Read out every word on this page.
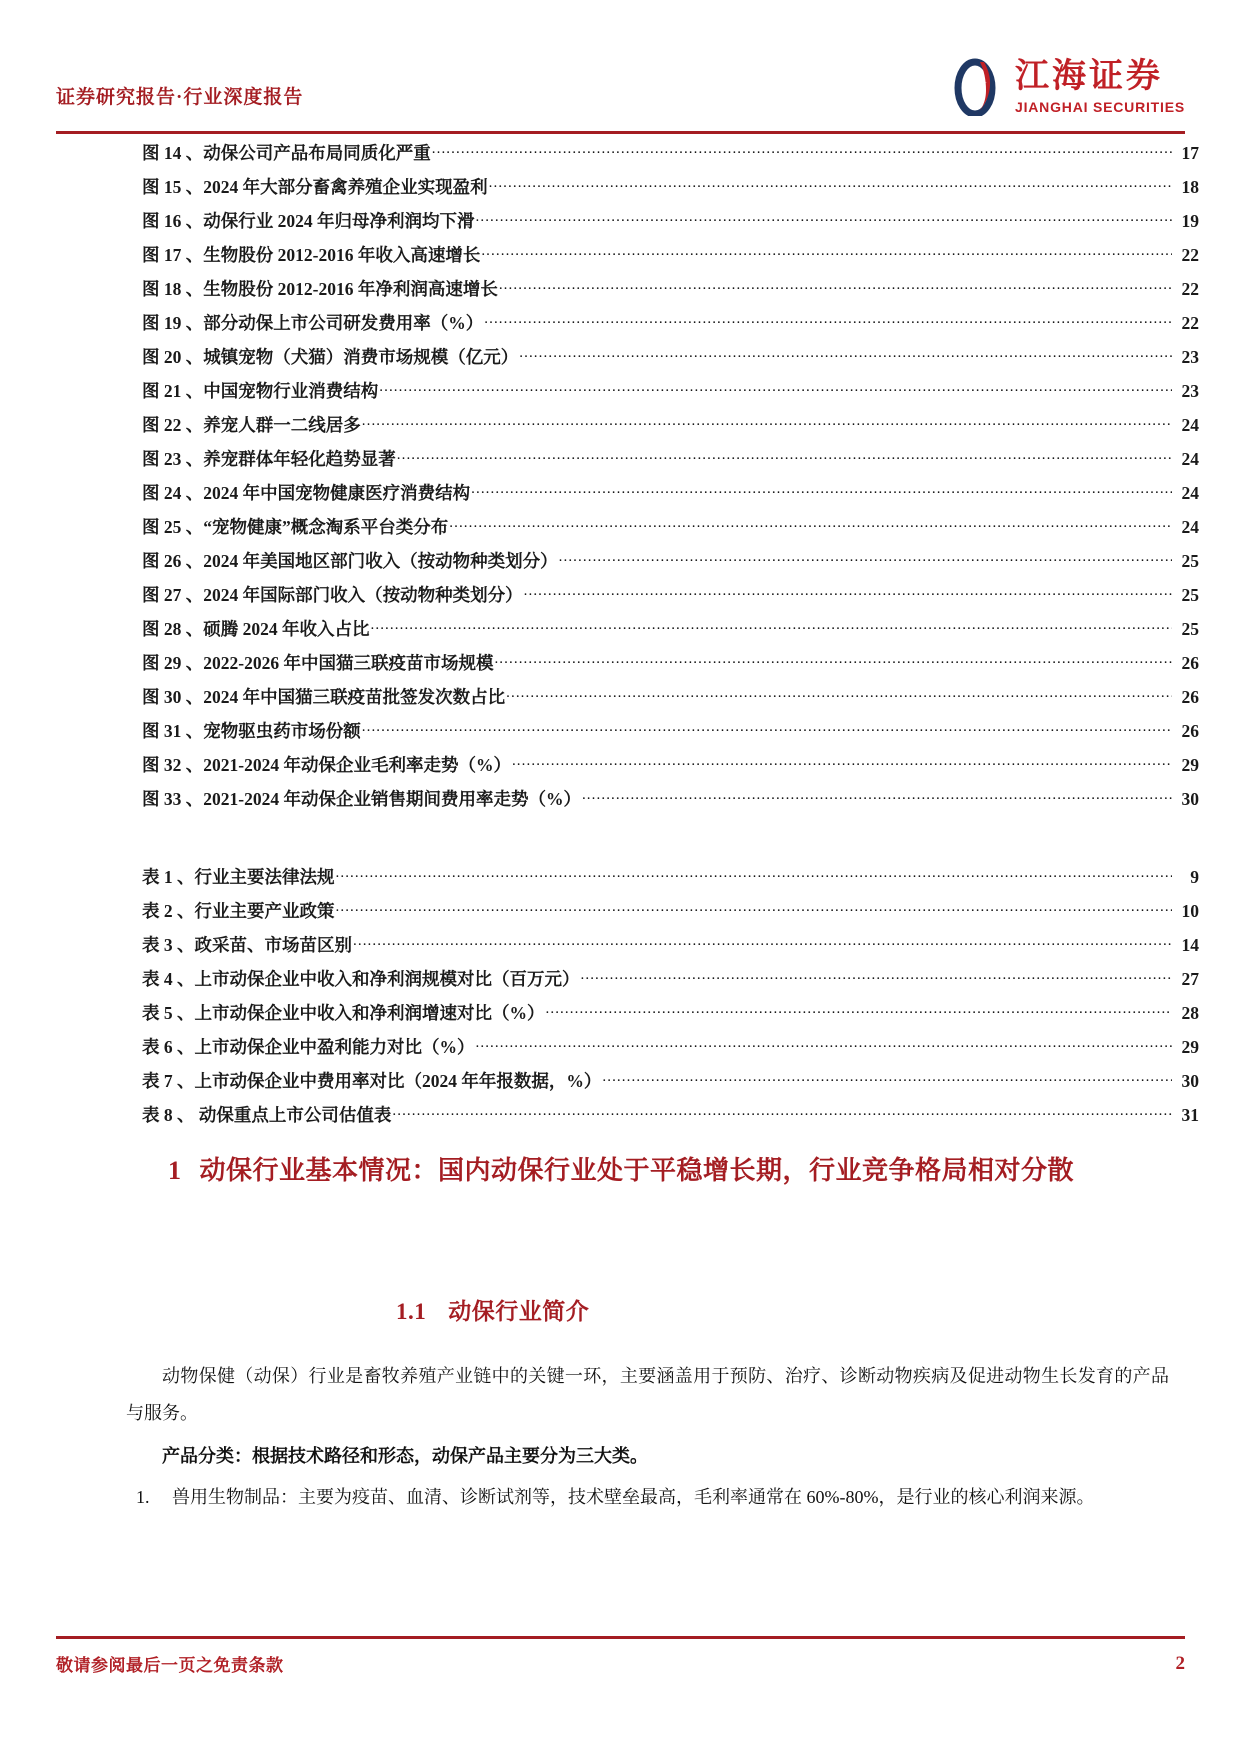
证券研究报告·行业深度报告
江海证券
JIANGHAI SECURITIES
图 14 、动保公司产品布局同质化严重 .....	17
图 15 、2024 年大部分畜禽养殖企业实现盈利 .....	18
图 16 、动保行业 2024 年归母净利润均下滑 .....	19
图 17 、生物股份 2012-2016 年收入高速增长 .....	22
图 18 、生物股份 2012-2016 年净利润高速增长 .....	22
图 19 、部分动保上市公司研发费用率（%） .....	22
图 20 、城镇宠物（犬猫）消费市场规模（亿元） .....	23
图 21 、中国宠物行业消费结构 .....	23
图 22 、养宠人群一二线居多 .....	24
图 23 、养宠群体年轻化趋势显著 .....	24
图 24 、2024 年中国宠物健康医疗消费结构 .....	24
图 25 、“宠物健康”概念淘系平台类分布 .....	24
图 26 、2024 年美国地区部门收入（按动物种类划分） .....	25
图 27 、2024 年国际部门收入（按动物种类划分） .....	25
图 28 、硕腾 2024 年收入占比 .....	25
图 29 、2022-2026 年中国猫三联疫苗市场规模 .....	26
图 30 、2024 年中国猫三联疫苗批签发次数占比 .....	26
图 31 、宠物驱虫药市场份额 .....	26
图 32 、2021-2024 年动保企业毛利率走势（%） .....	29
图 33 、2021-2024 年动保企业销售期间费用率走势（%） .....	30
表 1 、行业主要法律法规 .....	9
表 2 、行业主要产业政策 .....	10
表 3 、政采苗、市场苗区别 .....	14
表 4 、上市动保企业中收入和净利润规模对比（百万元） .....	27
表 5 、上市动保企业中收入和净利润增速对比（%） .....	28
表 6 、上市动保企业中盈利能力对比（%） .....	29
表 7 、上市动保企业中费用率对比（2024 年年报数据，%） .....	30
表 8 、 动保重点上市公司估值表 .....	31
1 动保行业基本情况：国内动保行业处于平稳增长期，行业竞争格局相对分散
1.1 动保行业简介

动物保健（动保）行业是畜牧养殖产业链中的关键一环，主要涵盖用于预防、治疗、诊断动物疾病及促进动物生长发育的产品与服务。

产品分类：根据技术路径和形态，动保产品主要分为三大类。

1.	兽用生物制品：主要为疫苗、血清、诊断试剂等，技术壁垒最高，毛利率通常在 60%-80%，是行业的核心利润来源。
敬请参阅最后一页之免责条款	2
